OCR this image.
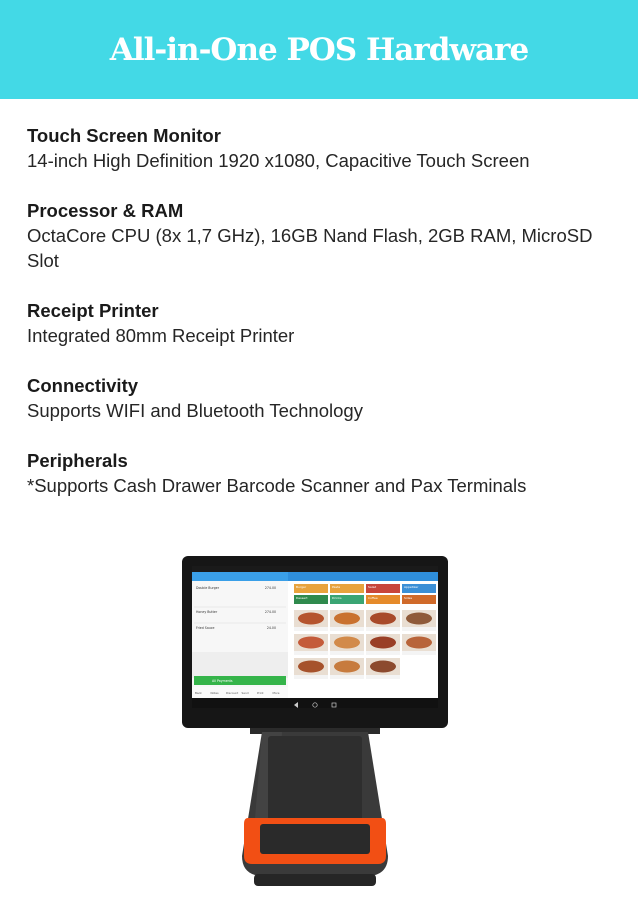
All-in-One POS Hardware
Touch Screen Monitor
14-inch High Definition 1920 x1080, Capacitive Touch Screen
Processor & RAM
OctaCore CPU (8x 1,7 GHz), 16GB Nand Flash, 2GB RAM, MicroSD Slot
Receipt Printer
Integrated 80mm Receipt Printer
Connectivity
Supports WIFI and Bluetooth Technology
Peripherals
*Supports Cash Drawer Barcode Scanner and Pax Terminals
Double Burger	274.00
Honey Butter	274.00
Fried Sauce	24.00
All Payments
Back	Notes	Discount	Send	Print	More
Burger	Pasta	Salad	Appetizer
Dessert	Drinks	Coffee	Sides
